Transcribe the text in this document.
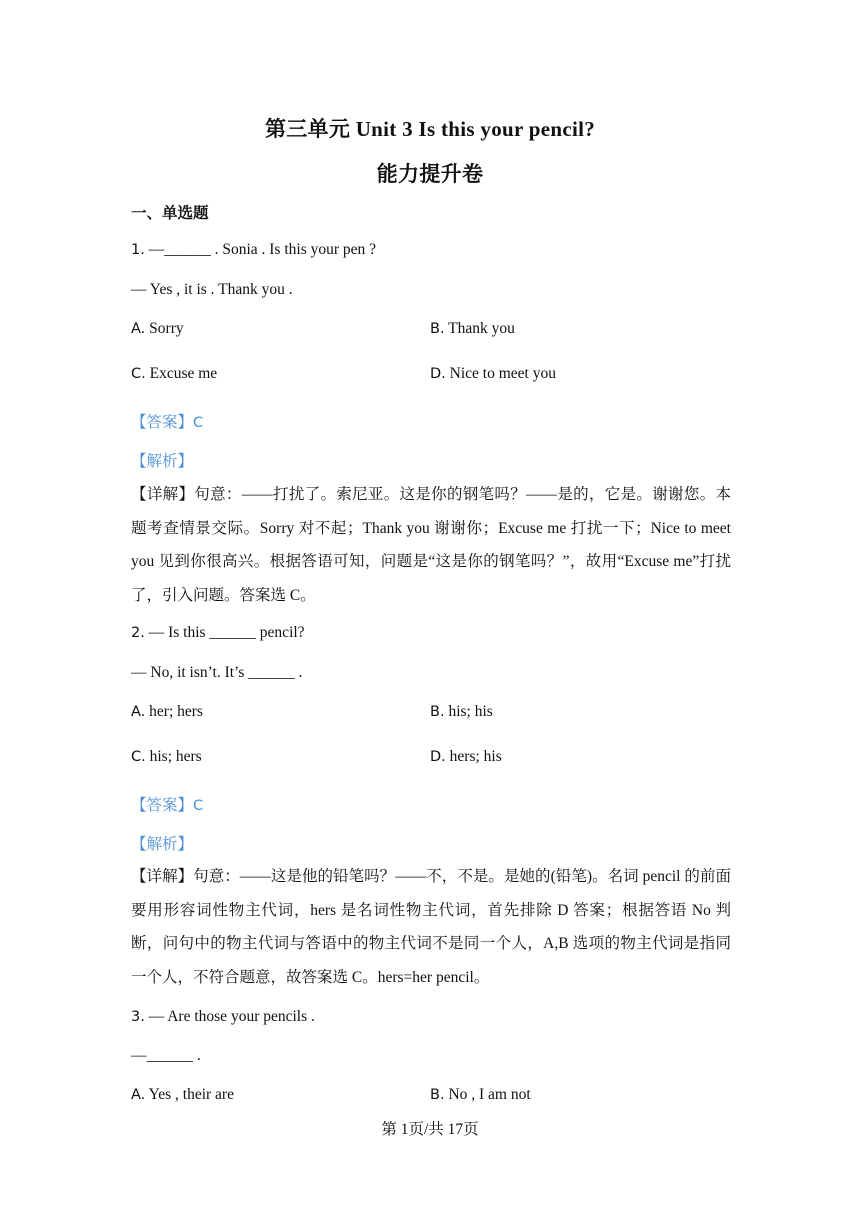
第三单元 Unit 3 Is this your pencil?
能力提升卷
一、单选题
1. —______ . Sonia . Is this your pen ?
— Yes , it is . Thank you .
A. Sorry	B. Thank you
C. Excuse me	D. Nice to meet you
【答案】C
【解析】
【详解】句意：——打扰了。索尼亚。这是你的钢笔吗？——是的，它是。谢谢您。本题考查情景交际。Sorry 对不起；Thank you 谢谢你；Excuse me 打扰一下；Nice to meet you 见到你很高兴。根据答语可知，问题是“这是你的钢笔吗？”，故用“Excuse me”打扰了，引入问题。答案选 C。
2. — Is this ______ pencil?
— No, it isn’t. It’s ______ .
A. her; hers	B. his; his
C. his; hers	D. hers; his
【答案】C
【解析】
【详解】句意：——这是他的铅笔吗？——不，不是。是她的(铅笔)。名词 pencil 的前面要用形容词性物主代词，hers 是名词性物主代词，首先排除 D 答案；根据答语 No 判断，问句中的物主代词与答语中的物主代词不是同一个人，A,B 选项的物主代词是指同一个人，不符合题意，故答案选 C。hers=her pencil。
3. — Are those your pencils .
—______ .
A. Yes , their are	B. No , I am not
第 1页/共 17页
